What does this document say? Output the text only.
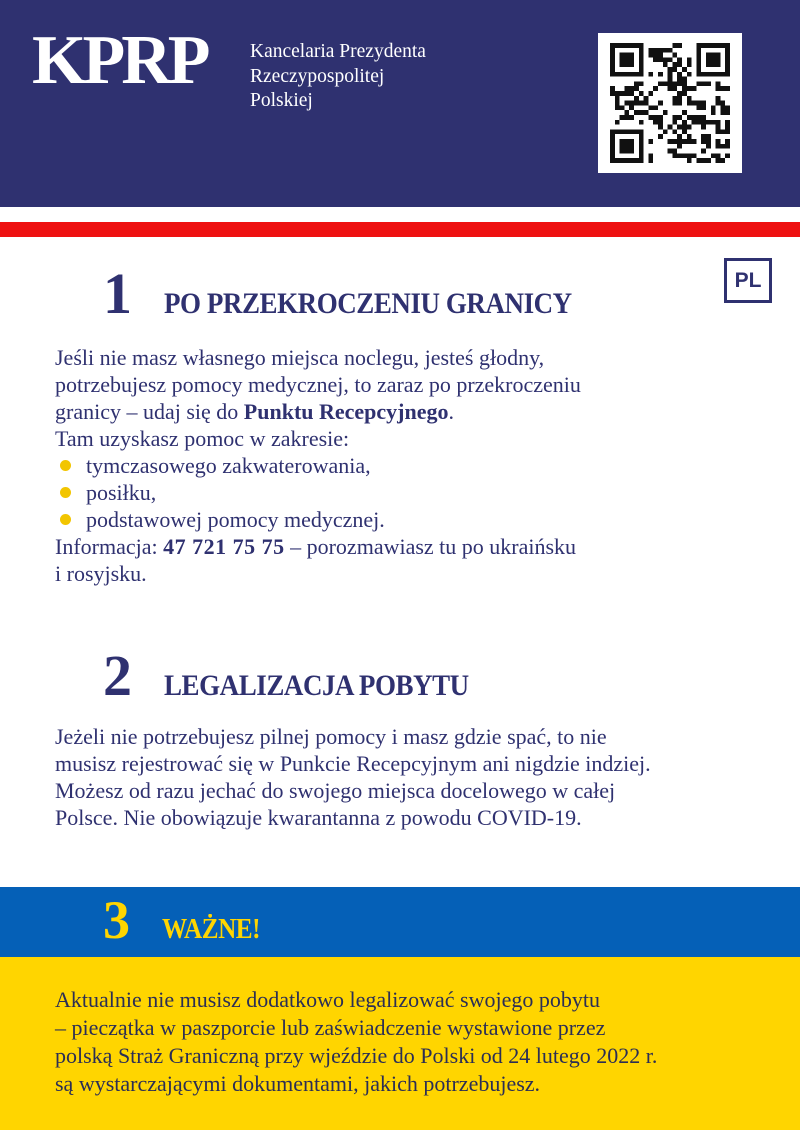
KPRP Kancelaria Prezydenta
Rzeczypospolitej
Polskiej
PL
1 PO PRZEKROCZENIU GRANICY
Jeśli nie masz własnego miejsca noclegu, jesteś głodny,
potrzebujesz pomocy medycznej, to zaraz po przekroczeniu
granicy – udaj się do Punktu Recepcyjnego.
Tam uzyskasz pomoc w zakresie:
tymczasowego zakwaterowania,
posiłku,
podstawowej pomocy medycznej.
Informacja: 47 721 75 75 – porozmawiasz tu po ukraińsku
i rosyjsku.
2 LEGALIZACJA POBYTU
Jeżeli nie potrzebujesz pilnej pomocy i masz gdzie spać, to nie
musisz rejestrować się w Punkcie Recepcyjnym ani nigdzie indziej.
Możesz od razu jechać do swojego miejsca docelowego w całej
Polsce. Nie obowiązuje kwarantanna z powodu COVID-19.
3 WAŻNE!
Aktualnie nie musisz dodatkowo legalizować swojego pobytu
– pieczątka w paszporcie lub zaświadczenie wystawione przez
polską Straż Graniczną przy wjeździe do Polski od 24 lutego 2022 r.
są wystarczającymi dokumentami, jakich potrzebujesz.
